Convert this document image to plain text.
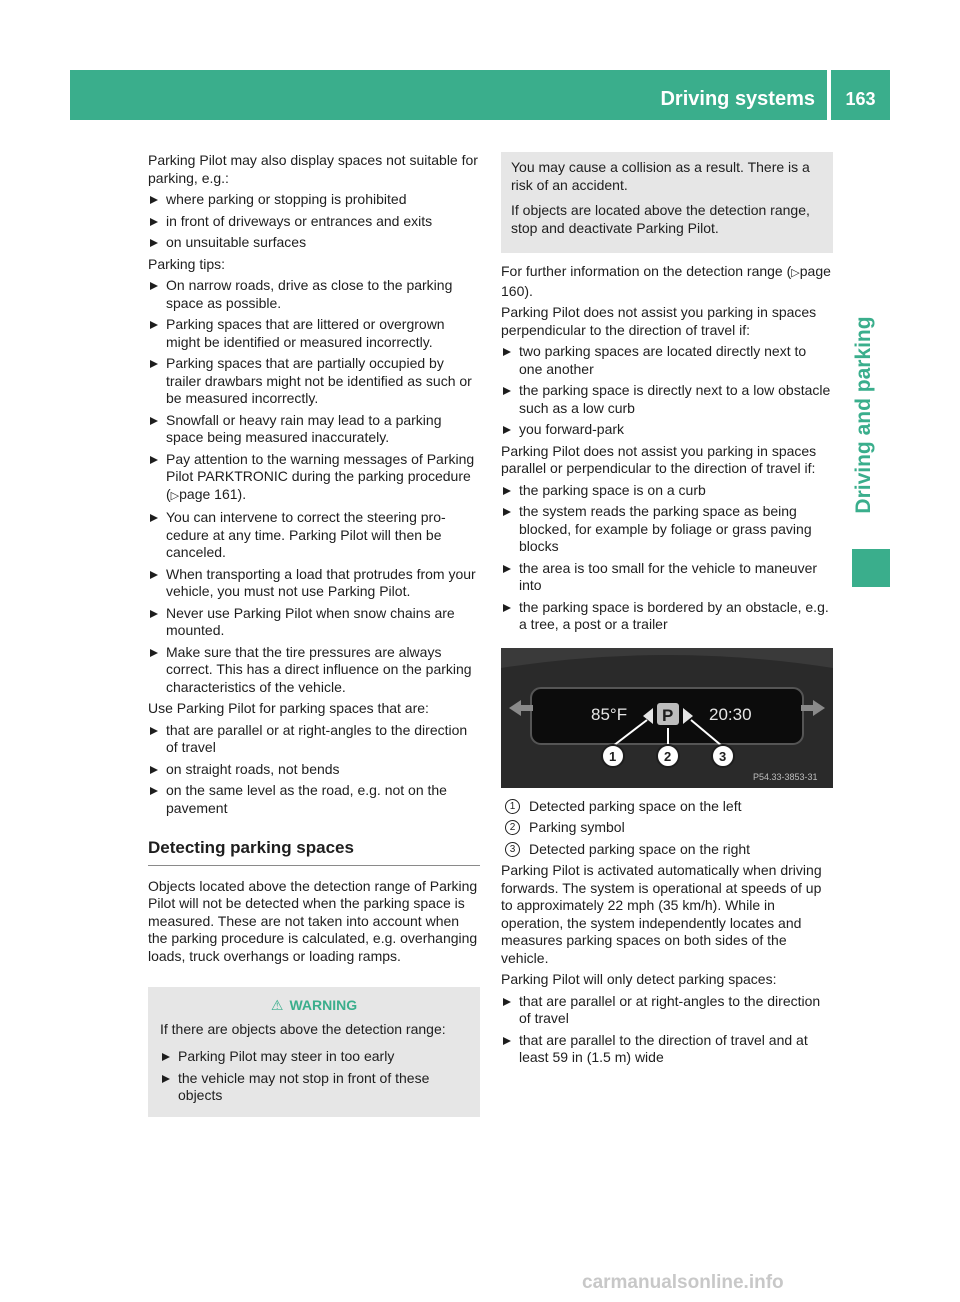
Driving systems	163
Driving and parking

Parking Pilot may also display spaces not suitable for parking, e.g.:

where parking or stopping is prohibited
in front of driveways or entrances and exits
on unsuitable surfaces

Parking tips:

On narrow roads, drive as close to the parking space as possible.
Parking spaces that are littered or overgrown might be identified or measured incorrectly.
Parking spaces that are partially occupied by trailer drawbars might not be identified as such or be measured incorrectly.
Snowfall or heavy rain may lead to a parking space being measured inaccurately.
Pay attention to the warning messages of Parking Pilot PARKTRONIC during the parking procedure (▷page 161).
You can intervene to correct the steering procedure at any time. Parking Pilot will then be canceled.
When transporting a load that protrudes from your vehicle, you must not use Parking Pilot.
Never use Parking Pilot when snow chains are mounted.
Make sure that the tire pressures are always correct. This has a direct influence on the parking characteristics of the vehicle.

Use Parking Pilot for parking spaces that are:

that are parallel or at right-angles to the direction of travel
on straight roads, not bends
on the same level as the road, e.g. not on the pavement
Detecting parking spaces

Objects located above the detection range of Parking Pilot will not be detected when the parking space is measured. These are not taken into account when the parking procedure is calculated, e.g. overhanging loads, truck overhangs or loading ramps.

⚠ WARNING

If there are objects above the detection range:

Parking Pilot may steer in too early
the vehicle may not stop in front of these objects

You may cause a collision as a result. There is a risk of an accident.

If objects are located above the detection range, stop and deactivate Parking Pilot.

For further information on the detection range (▷page 160).

Parking Pilot does not assist you parking in spaces perpendicular to the direction of travel if:

two parking spaces are located directly next to one another
the parking space is directly next to a low obstacle such as a low curb
you forward-park

Parking Pilot does not assist you parking in spaces parallel or perpendicular to the direction of travel if:

the parking space is on a curb
the system reads the parking space as being blocked, for example by foliage or grass paving blocks
the area is too small for the vehicle to maneuver into
the parking space is bordered by an obstacle, e.g. a tree, a post or a trailer
85°F P 20:30
1	2	3
P54.33-3853-31
1 Detected parking space on the left
2 Parking symbol
3 Detected parking space on the right

Parking Pilot is activated automatically when driving forwards. The system is operational at speeds of up to approximately 22 mph (35 km/h). While in operation, the system independently locates and measures parking spaces on both sides of the vehicle.

Parking Pilot will only detect parking spaces:

that are parallel or at right-angles to the direction of travel
that are parallel to the direction of travel and at least 59 in (1.5 m) wide
carmanualsonline.info
